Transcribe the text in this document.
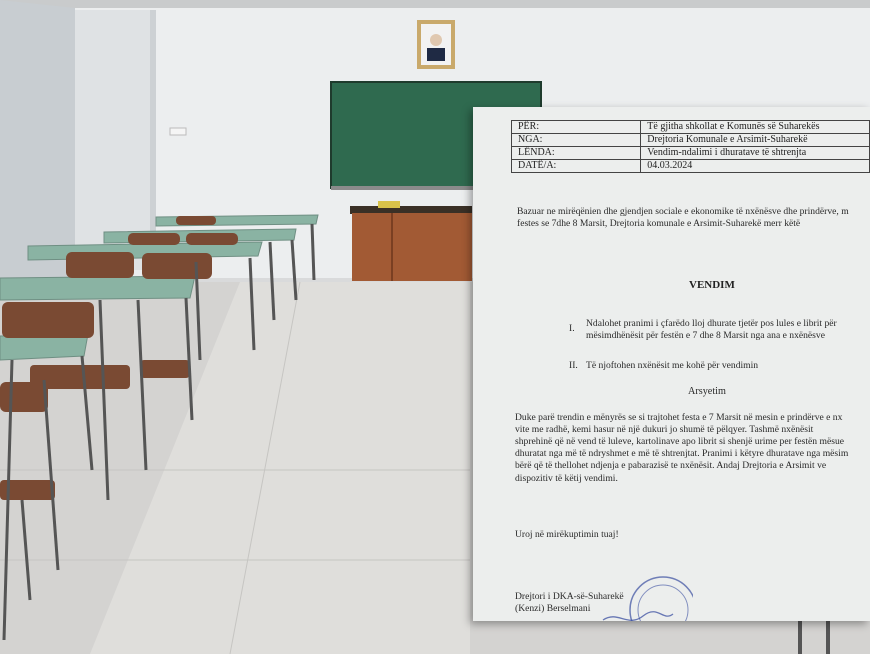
PËR:	Të gjitha shkollat e Komunës së Suharekës
NGA:	Drejtoria Komunale e Arsimit-Suharekë
LËNDA:	Vendim-ndalimi i dhuratave të shtrenjta
DATË/A:	04.03.2024
Bazuar ne mirëqënien dhe gjendjen sociale e ekonomike të nxënësve dhe prindërve, m
festes se 7dhe 8 Marsit, Drejtoria komunale e Arsimit-Suharekë merr këtë
VENDIM
I. Ndalohet pranimi i çfarëdo lloj dhurate tjetër pos lules e librit për
mësimdhënësit për festën e 7 dhe 8 Marsit nga ana e nxënësve
II. Të njoftohen nxënësit me kohë për vendimin
Arsyetim
Duke parë trendin e mënyrës se si trajtohet festa e 7 Marsit në mesin e prindërve e nx
vite me radhë, kemi hasur në një dukuri jo shumë të pëlqyer. Tashmë nxënësit
shprehinë që në vend të luleve, kartolinave apo librit si shenjë urime per festën mësue
dhuratat nga më të ndryshmet e më të shtrenjtat. Pranimi i këtyre dhuratave nga mësim
bërë që të thellohet ndjenja e pabarazisë te nxënësit. Andaj Drejtoria e Arsimit ve
dispozitiv të këtij vendimi.
Uroj në mirëkuptimin tuaj!
Drejtori i DKA-së-Suharekë
(Kenzi) Berselmani
